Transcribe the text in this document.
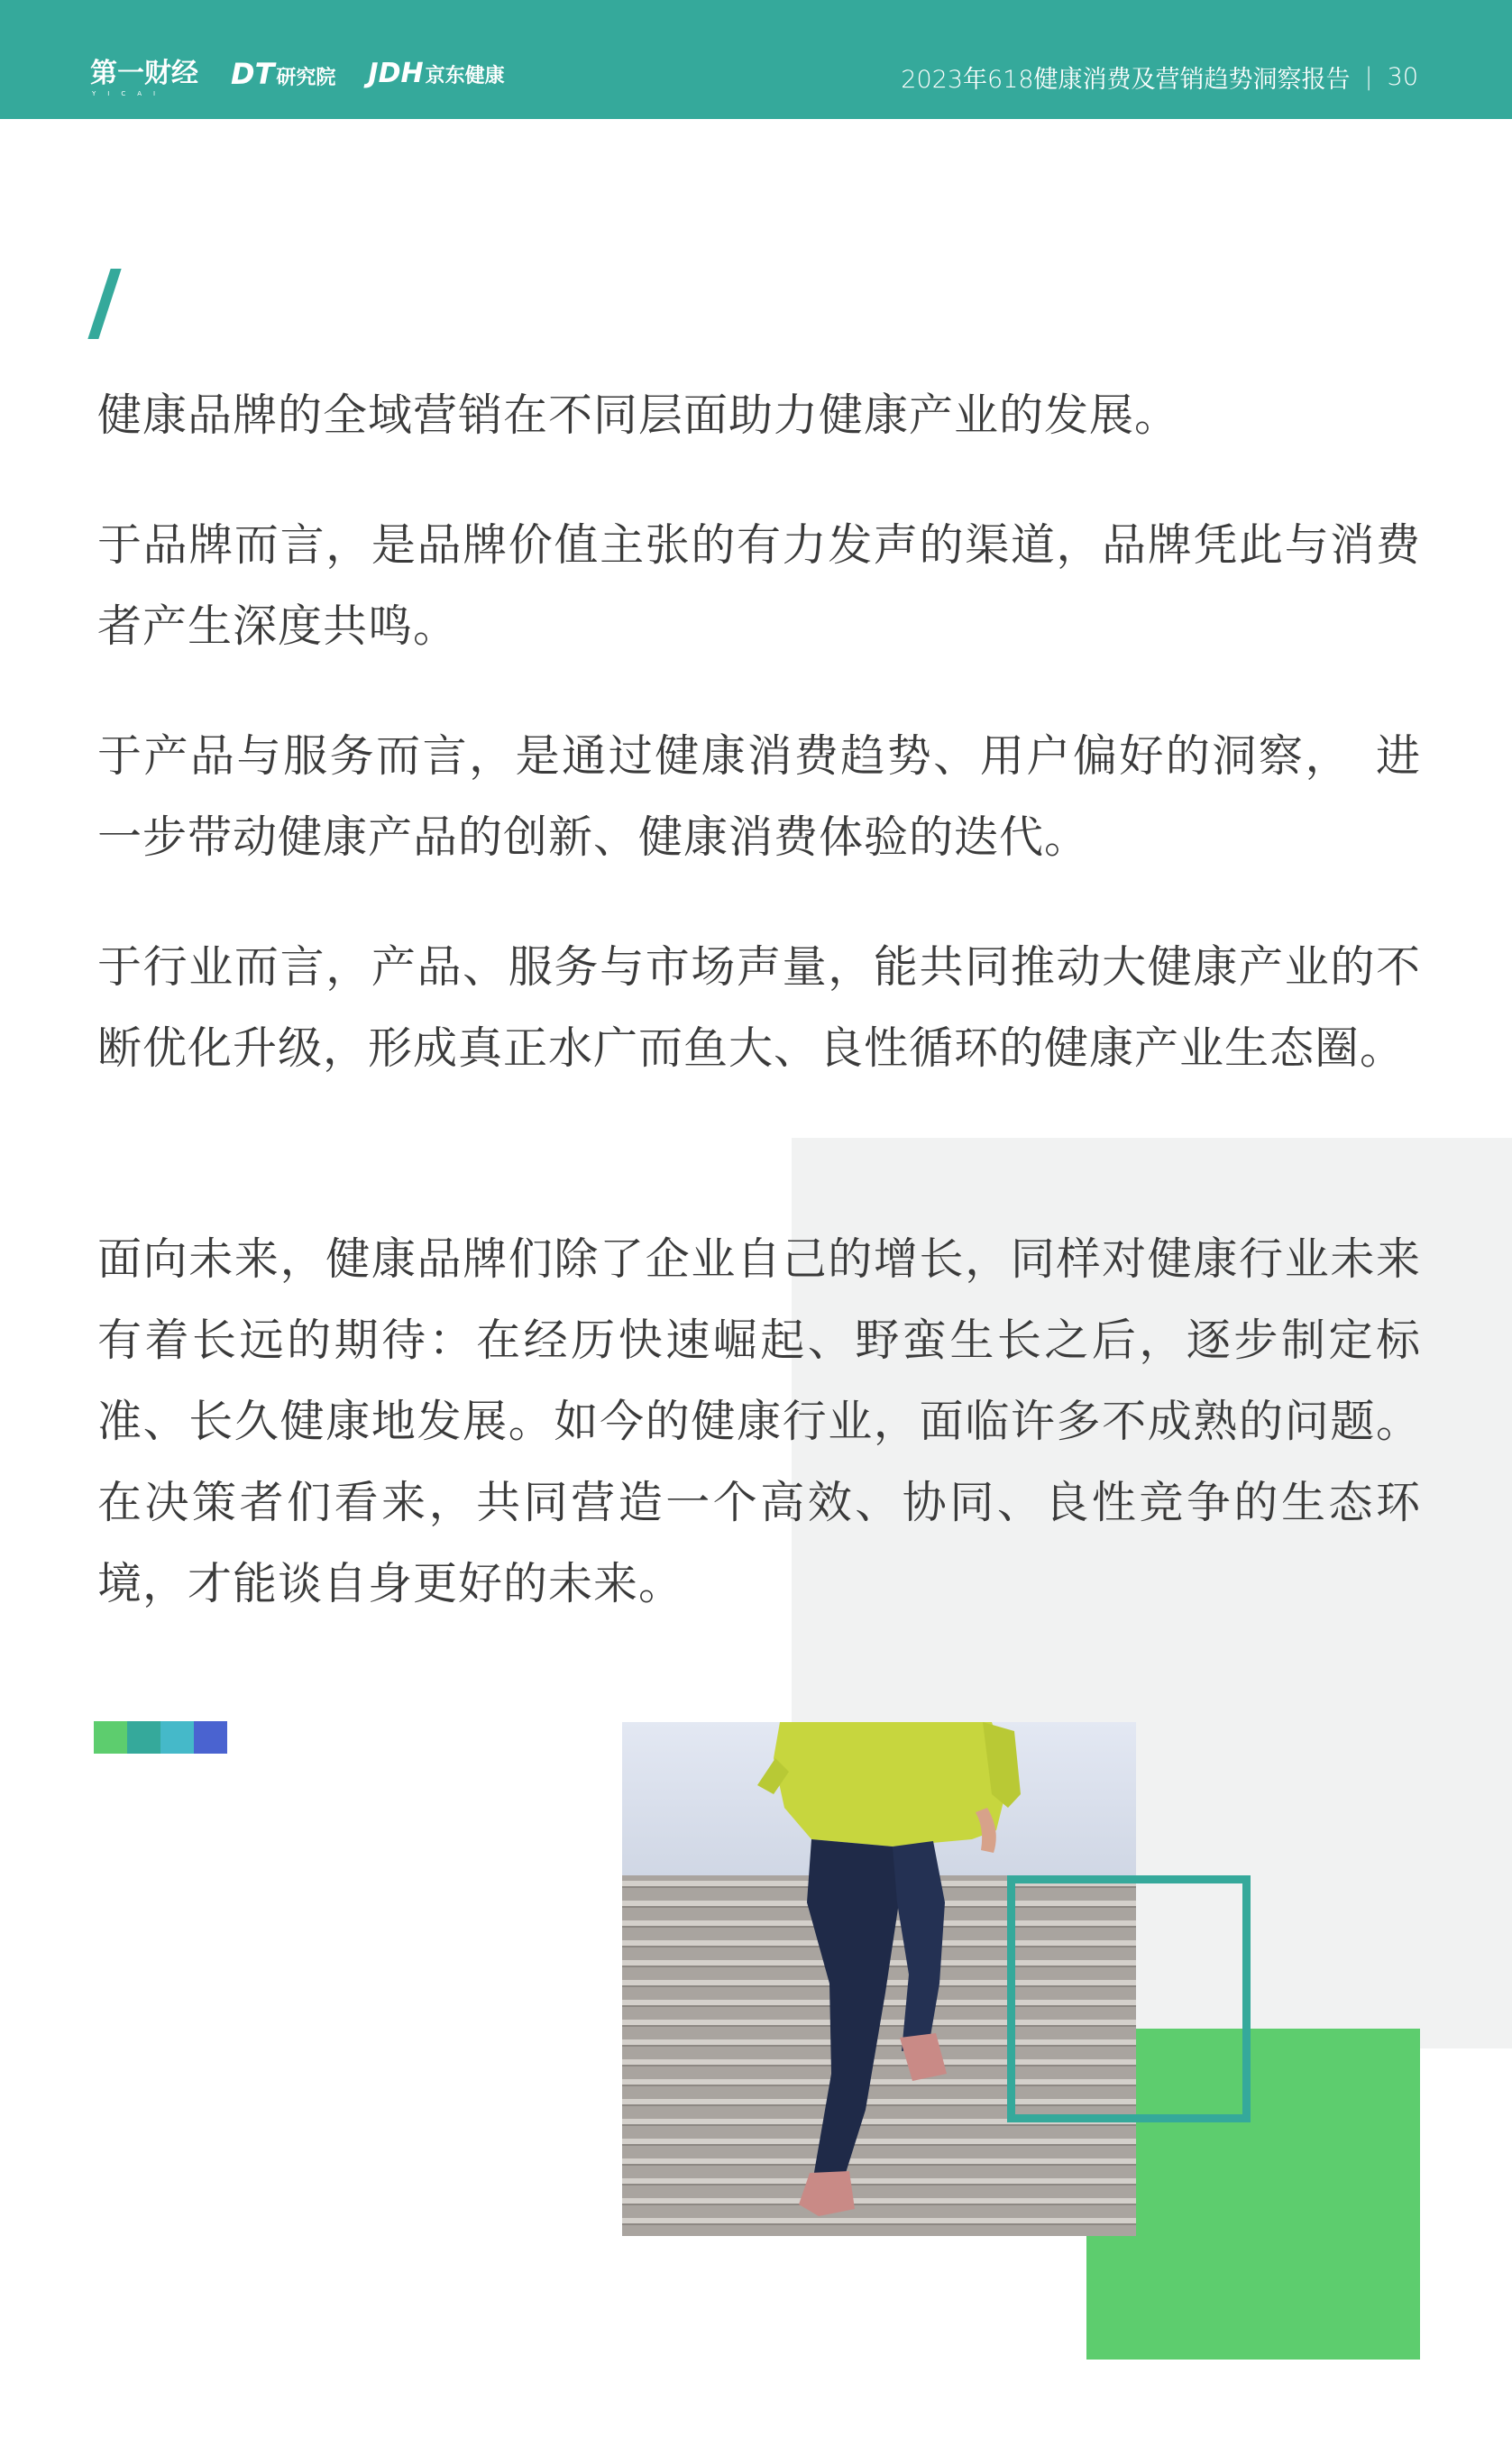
第一财经
YICAI
DT研究院 JDH京东健康	2023年618健康消费及营销趋势洞察报告 | 30

健康品牌的全域营销在不同层面助力健康产业的发展。

于品牌而言，是品牌价值主张的有力发声的渠道，品牌凭此与消费者产生深度共鸣。

于产品与服务而言，是通过健康消费趋势、用户偏好的洞察，　进一步带动健康产品的创新、健康消费体验的迭代。

于行业而言，产品、服务与市场声量，能共同推动大健康产业的不断优化升级，形成真正水广而鱼大、良性循环的健康产业生态圈。

面向未来，健康品牌们除了企业自己的增长，同样对健康行业未来有着长远的期待：在经历快速崛起、野蛮生长之后，逐步制定标准、长久健康地发展。如今的健康行业，面临许多不成熟的问题。在决策者们看来，共同营造一个高效、协同、良性竞争的生态环境，才能谈自身更好的未来。
